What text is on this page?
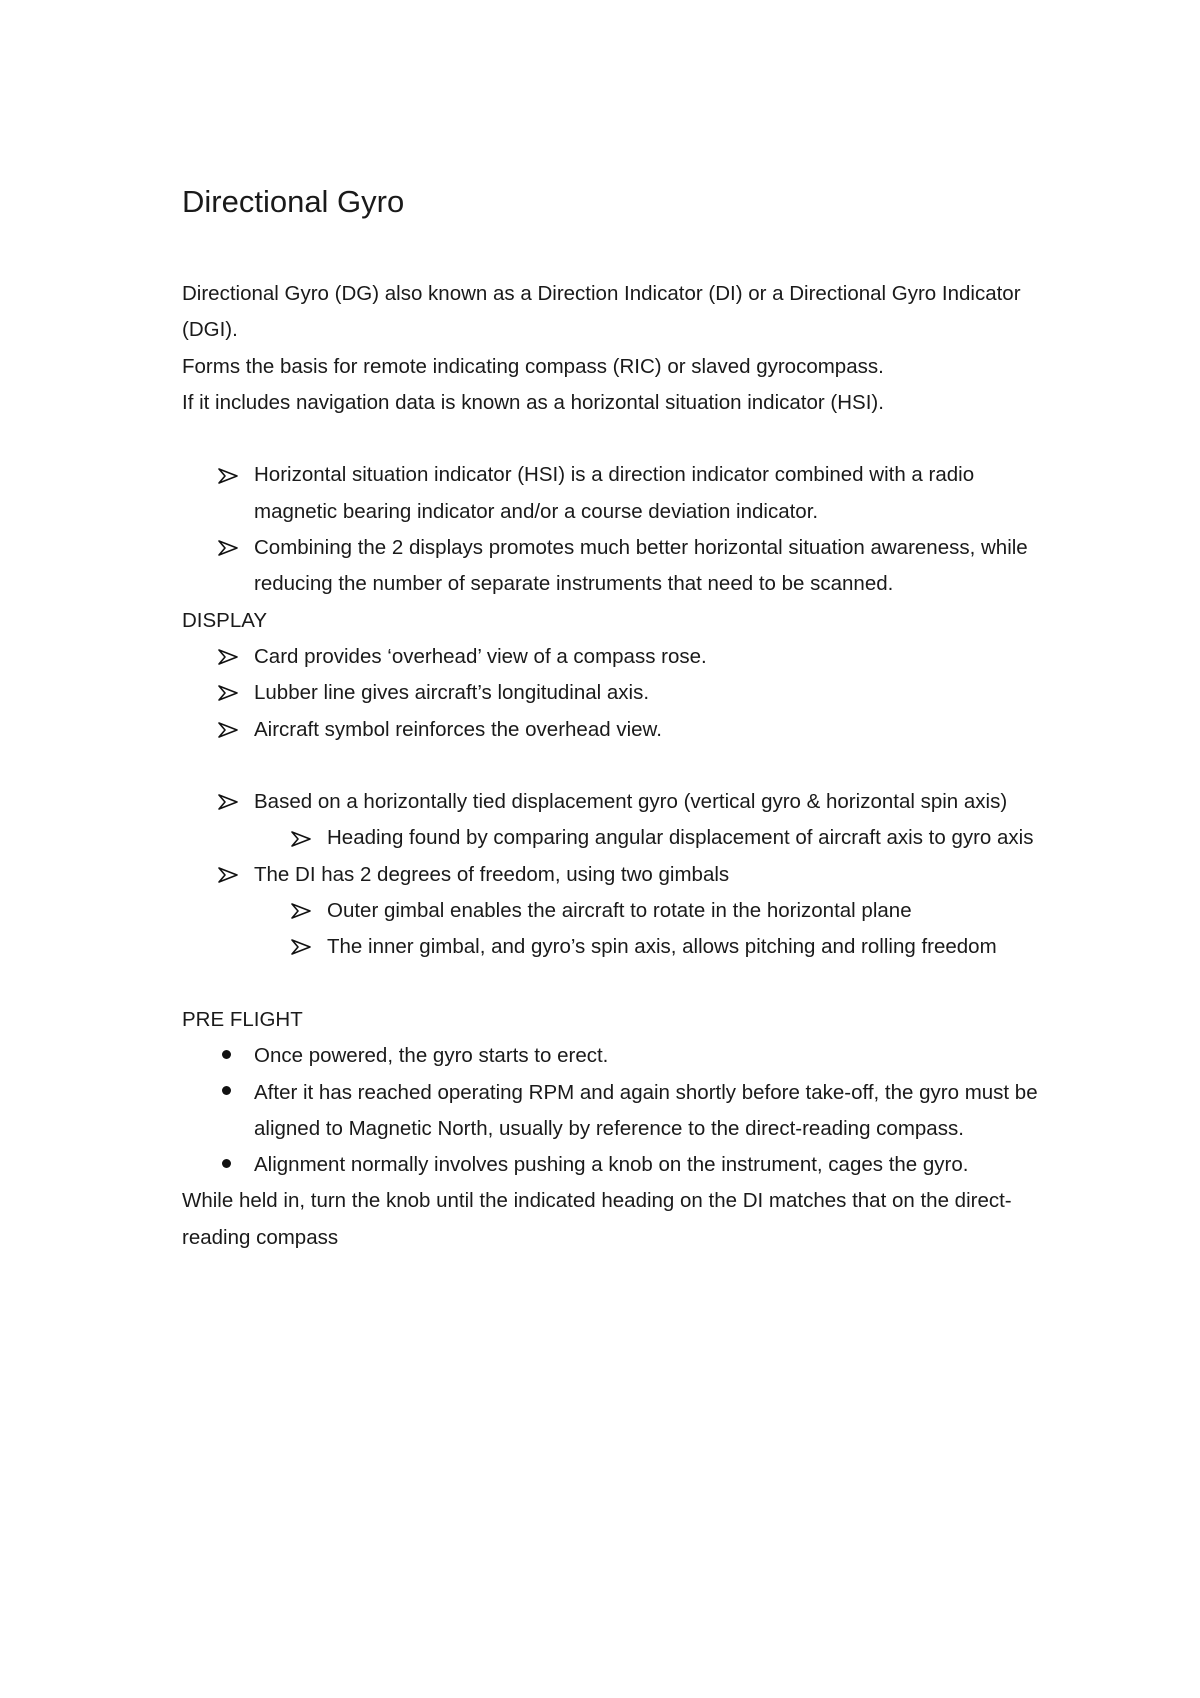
Directional Gyro

Directional Gyro (DG) also known as a Direction Indicator (DI) or a Directional Gyro Indicator (DGI).

Forms the basis for remote indicating compass (RIC) or slaved gyrocompass.

If it includes navigation data is known as a horizontal situation indicator (HSI).

Horizontal situation indicator (HSI) is a direction indicator combined with a radio magnetic bearing indicator and/or a course deviation indicator.
Combining the 2 displays promotes much better horizontal situation awareness, while reducing the number of separate instruments that need to be scanned.

DISPLAY

Card provides ‘overhead’ view of a compass rose.
Lubber line gives aircraft’s longitudinal axis.
Aircraft symbol reinforces the overhead view.
Based on a horizontally tied displacement gyro (vertical gyro & horizontal spin axis)
Heading found by comparing angular displacement of aircraft axis to gyro axis
The DI has 2 degrees of freedom, using two gimbals
Outer gimbal enables the aircraft to rotate in the horizontal plane
The inner gimbal, and gyro’s spin axis, allows pitching and rolling freedom

PRE FLIGHT

Once powered, the gyro starts to erect.
After it has reached operating RPM and again shortly before take-off, the gyro must be aligned to Magnetic North, usually by reference to the direct-reading compass.
Alignment normally involves pushing a knob on the instrument, cages the gyro.

While held in, turn the knob until the indicated heading on the DI matches that on the direct-reading compass
